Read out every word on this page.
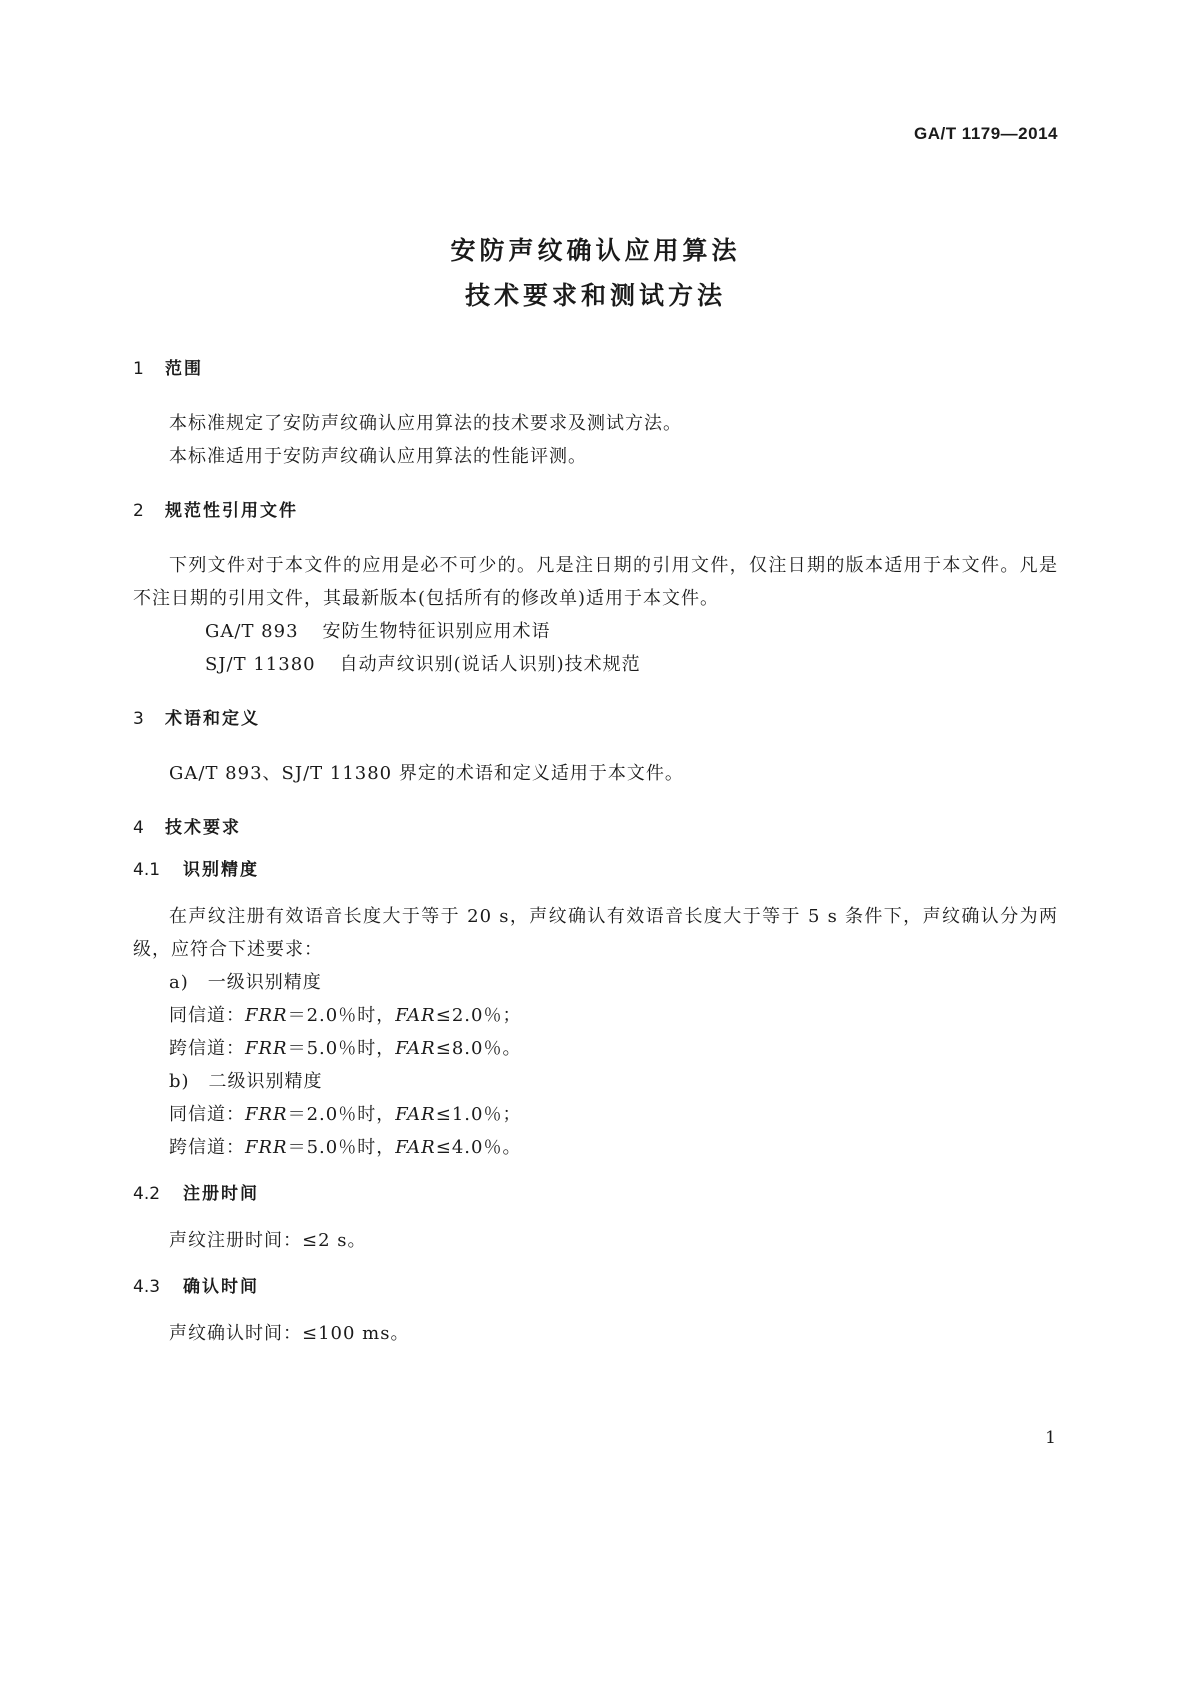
GA/T 1179—2014
安防声纹确认应用算法
技术要求和测试方法
1 范围
本标准规定了安防声纹确认应用算法的技术要求及测试方法。
本标准适用于安防声纹确认应用算法的性能评测。
2 规范性引用文件
下列文件对于本文件的应用是必不可少的。凡是注日期的引用文件，仅注日期的版本适用于本文件。凡是不注日期的引用文件，其最新版本(包括所有的修改单)适用于本文件。
GA/T 893 安防生物特征识别应用术语
SJ/T 11380 自动声纹识别(说话人识别)技术规范
3 术语和定义
GA/T 893、SJ/T 11380 界定的术语和定义适用于本文件。
4 技术要求
4.1 识别精度
在声纹注册有效语音长度大于等于 20 s，声纹确认有效语音长度大于等于 5 s 条件下，声纹确认分为两级，应符合下述要求：
a)　一级识别精度
同信道：FRR＝2.0％时，FAR≤2.0％；
跨信道：FRR＝5.0％时，FAR≤8.0％。
b)　二级识别精度
同信道：FRR＝2.0％时，FAR≤1.0％；
跨信道：FRR＝5.0％时，FAR≤4.0％。
4.2 注册时间
声纹注册时间：≤2 s。
4.3 确认时间
声纹确认时间：≤100 ms。
1
